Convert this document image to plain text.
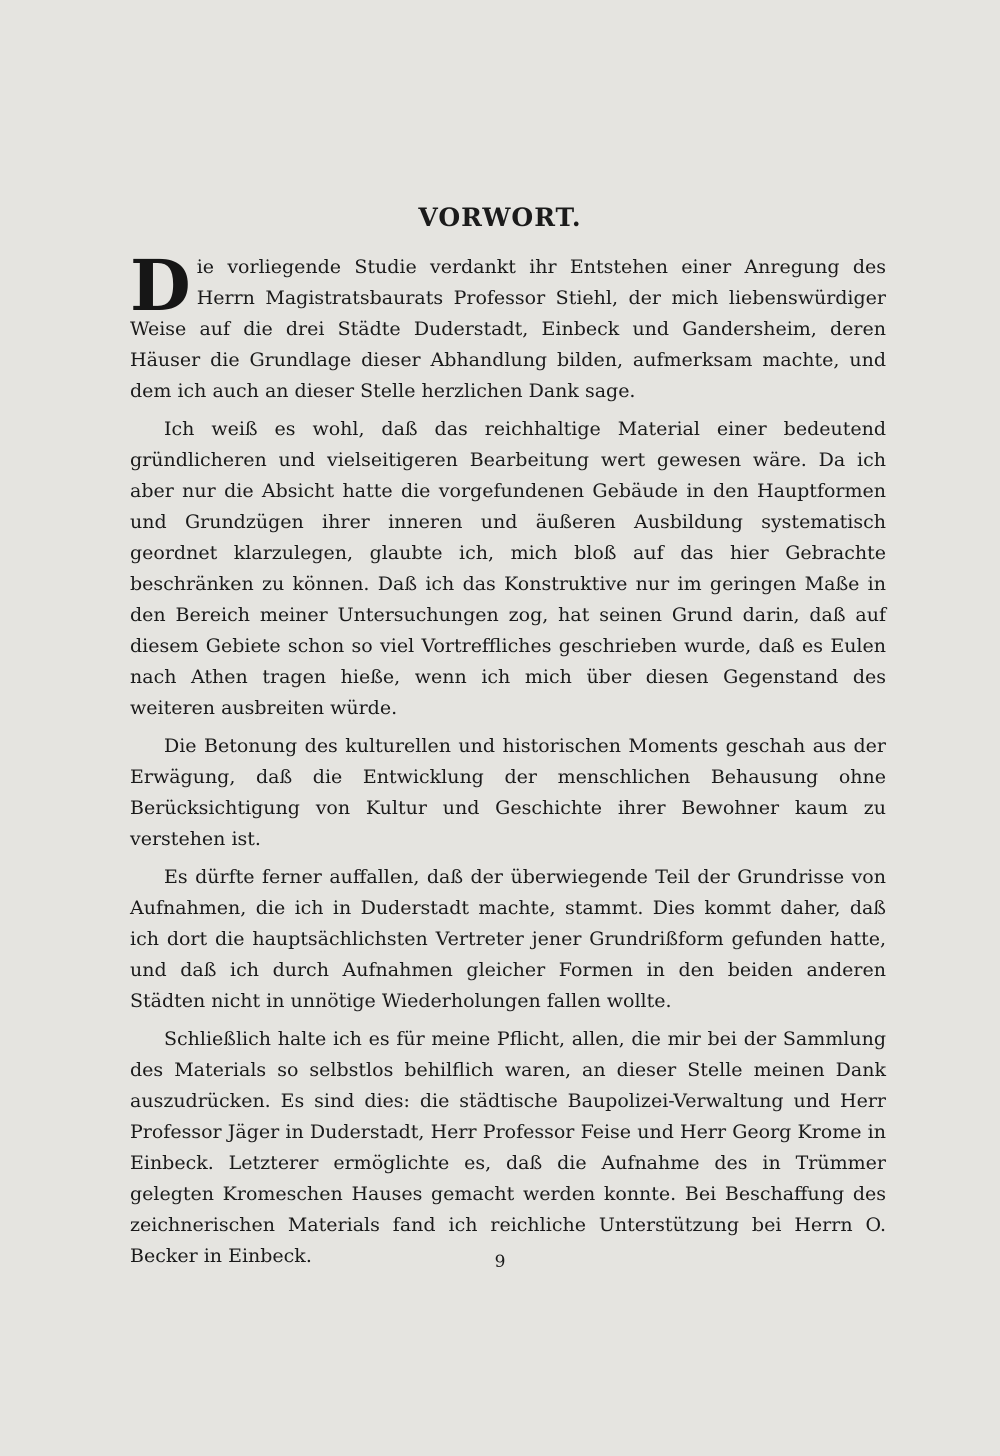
VORWORT.

Die vorliegende Studie verdankt ihr Entstehen einer Anregung des Herrn Magistratsbaurats Professor Stiehl, der mich liebenswürdiger Weise auf die drei Städte Duderstadt, Einbeck und Gandersheim, deren Häuser die Grundlage dieser Abhandlung bilden, aufmerksam machte, und dem ich auch an dieser Stelle herzlichen Dank sage.

Ich weiß es wohl, daß das reichhaltige Material einer bedeutend gründlicheren und vielseitigeren Bearbeitung wert gewesen wäre. Da ich aber nur die Absicht hatte die vorgefundenen Gebäude in den Hauptformen und Grundzügen ihrer inneren und äußeren Ausbildung systematisch geordnet klarzulegen, glaubte ich, mich bloß auf das hier Gebrachte beschränken zu können. Daß ich das Konstruktive nur im geringen Maße in den Bereich meiner Untersuchungen zog, hat seinen Grund darin, daß auf diesem Gebiete schon so viel Vortreffliches geschrieben wurde, daß es Eulen nach Athen tragen hieße, wenn ich mich über diesen Gegenstand des weiteren ausbreiten würde.

Die Betonung des kulturellen und historischen Moments geschah aus der Erwägung, daß die Entwicklung der menschlichen Behausung ohne Berücksichtigung von Kultur und Geschichte ihrer Bewohner kaum zu verstehen ist.

Es dürfte ferner auffallen, daß der überwiegende Teil der Grundrisse von Aufnahmen, die ich in Duderstadt machte, stammt. Dies kommt daher, daß ich dort die hauptsächlichsten Vertreter jener Grundrißform gefunden hatte, und daß ich durch Aufnahmen gleicher Formen in den beiden anderen Städten nicht in unnötige Wiederholungen fallen wollte.

Schließlich halte ich es für meine Pflicht, allen, die mir bei der Sammlung des Materials so selbstlos behilflich waren, an dieser Stelle meinen Dank auszudrücken. Es sind dies: die städtische Baupolizei-Verwaltung und Herr Professor Jäger in Duderstadt, Herr Professor Feise und Herr Georg Krome in Einbeck. Letzterer ermöglichte es, daß die Aufnahme des in Trümmer gelegten Kromeschen Hauses gemacht werden konnte. Bei Beschaffung des zeichnerischen Materials fand ich reichliche Unterstützung bei Herrn O. Becker in Einbeck.	9
